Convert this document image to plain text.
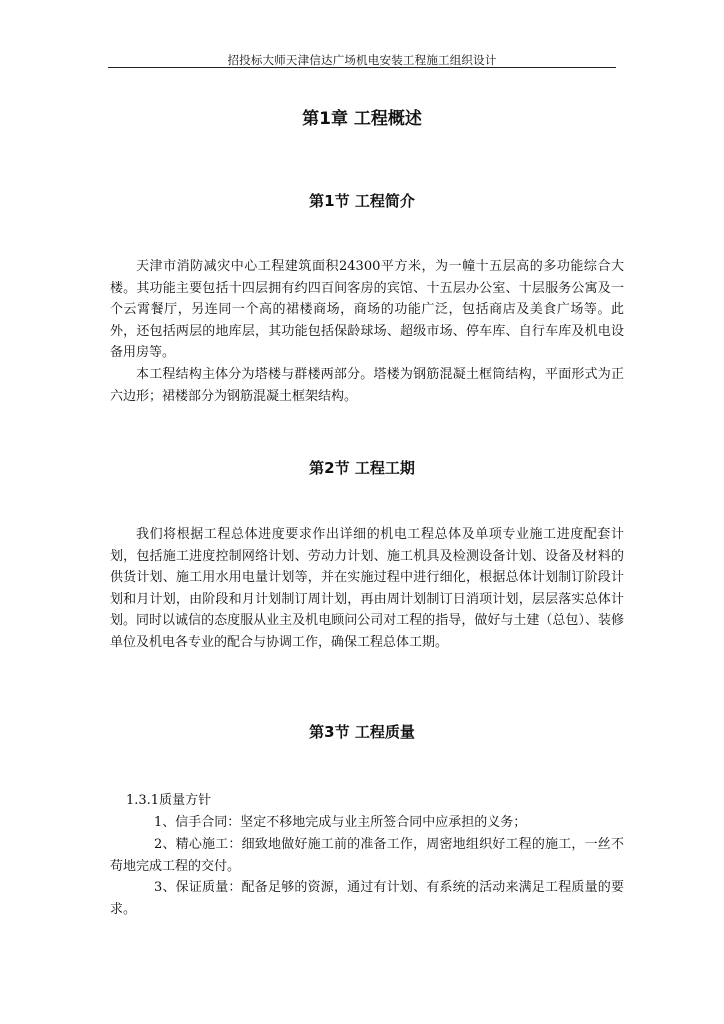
招投标大师天津信达广场机电安装工程施工组织设计
第1章 工程概述
第1节 工程简介

天津市消防减灾中心工程建筑面积24300平方米，为一幢十五层高的多功能综合大楼。其功能主要包括十四层拥有约四百间客房的宾馆、十五层办公室、十层服务公寓及一个云霄餐厅，另连同一个高的裙楼商场，商场的功能广泛，包括商店及美食广场等。此外，还包括两层的地库层，其功能包括保龄球场、超级市场、停车库、自行车库及机电设备用房等。

本工程结构主体分为塔楼与群楼两部分。塔楼为钢筋混凝土框筒结构，平面形式为正六边形；裙楼部分为钢筋混凝土框架结构。

第2节 工程工期

我们将根据工程总体进度要求作出详细的机电工程总体及单项专业施工进度配套计划，包括施工进度控制网络计划、劳动力计划、施工机具及检测设备计划、设备及材料的供货计划、施工用水用电量计划等，并在实施过程中进行细化，根据总体计划制订阶段计划和月计划，由阶段和月计划制订周计划，再由周计划制订日消项计划，层层落实总体计划。同时以诚信的态度服从业主及机电顾问公司对工程的指导，做好与土建（总包）、装修单位及机电各专业的配合与协调工作，确保工程总体工期。

第3节 工程质量
1.3.1质量方针

1、信手合同：坚定不移地完成与业主所签合同中应承担的义务；

2、精心施工：细致地做好施工前的准备工作，周密地组织好工程的施工，一丝不苟地完成工程的交付。

3、保证质量：配备足够的资源，通过有计划、有系统的活动来满足工程质量的要求。
